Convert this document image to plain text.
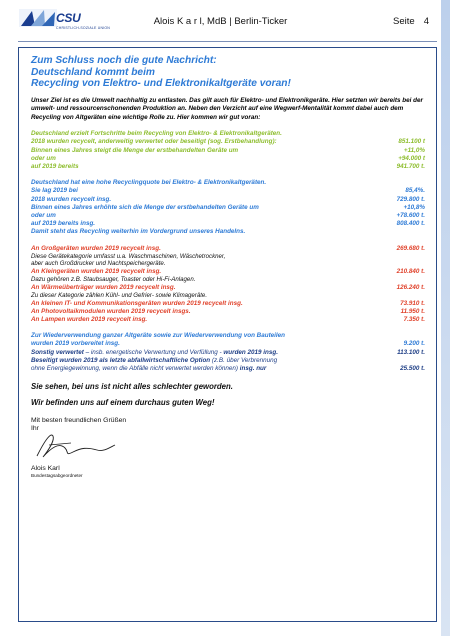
CSU
CHRISTLICH-SOZIALE UNION
Alois K a r l, MdB | Berlin-Ticker	Seite 4
Zum Schluss noch die gute Nachricht:
Deutschland kommt beim
Recycling von Elektro- und Elektronikaltgeräte voran!
Unser Ziel ist es die Umwelt nachhaltig zu entlasten. Das gilt auch für Elektro- und Elektronikgeräte. Hier setzten wir bereits bei der umwelt- und ressourcenschonenden Produktion an. Neben den Verzicht auf eine Wegwerf-Mentalität kommt dabei auch dem Recycling von Altgeräten eine wichtige Rolle zu. Hier kommen wir gut voran:
Deutschland erzielt Fortschritte beim Recycling von Elektro- & Elektronikaltgeräten.
2018 wurden recycelt, anderweitig verwertet oder beseitigt (sog. Erstbehandlung):	851.100 t
Binnen eines Jahres steigt die Menge der erstbehandelten Geräte um	+11,0%
oder um	+94.000 t
auf 2019 bereits	941.700 t.
Deutschland hat eine hohe Recyclingquote bei Elektro- & Elektronikaltgeräten.
Sie lag 2019 bei	85,4%.
2018 wurden recycelt insg.	729.800 t.
Binnen eines Jahres erhöhte sich die Menge der erstbehandelten Geräte um	+10,8%
oder um	+78.600 t.
auf 2019 bereits insg.	808.400 t.
Damit steht das Recycling weiterhin im Vordergrund unseres Handelns.
An Großgeräten wurden 2019 recycelt insg.	269.680 t.
Diese Gerätekategorie umfasst u.a. Waschmaschinen, Wäschetrockner,
aber auch Großdrucker und Nachtspeichergeräte.
An Kleingeräten wurden 2019 recycelt insg.	210.840 t.
Dazu gehören z.B. Staubsauger, Toaster oder Hi-Fi-Anlagen.
An Wärmeüberträger wurden 2019 recycelt insg.	126.240 t.
Zu dieser Kategorie zählen Kühl- und Gefrier- sowie Klimageräte.
An kleinen IT- und Kommunikationsgeräten wurden 2019 recycelt insg.	73.910 t.
An Photovoltaikmodulen wurden 2019 recycelt insgs.	11.950 t.
An Lampen wurden 2019 recycelt insg.	7.350 t.
Zur Wiederverwendung ganzer Altgeräte sowie zur Wiederverwendung von Bauteilen
wurden 2019 vorbereitet insg.	9.200 t.
Sonstig verwertet – insb. energetische Verwertung und Verfüllung - wurden 2019 insg.	113.100 t.
Beseitigt wurden 2019 als letzte abfallwirtschaftliche Option (z.B. über Verbrennung
ohne Energiegewinnung, wenn die Abfälle nicht verwertet werden können) insg. nur	25.500 t.
Sie sehen, bei uns ist nicht alles schlechter geworden.
Wir befinden uns auf einem durchaus guten Weg!
Mit besten freundlichen Grüßen
Ihr
Alois Karl
Bundestagsabgeordneter
